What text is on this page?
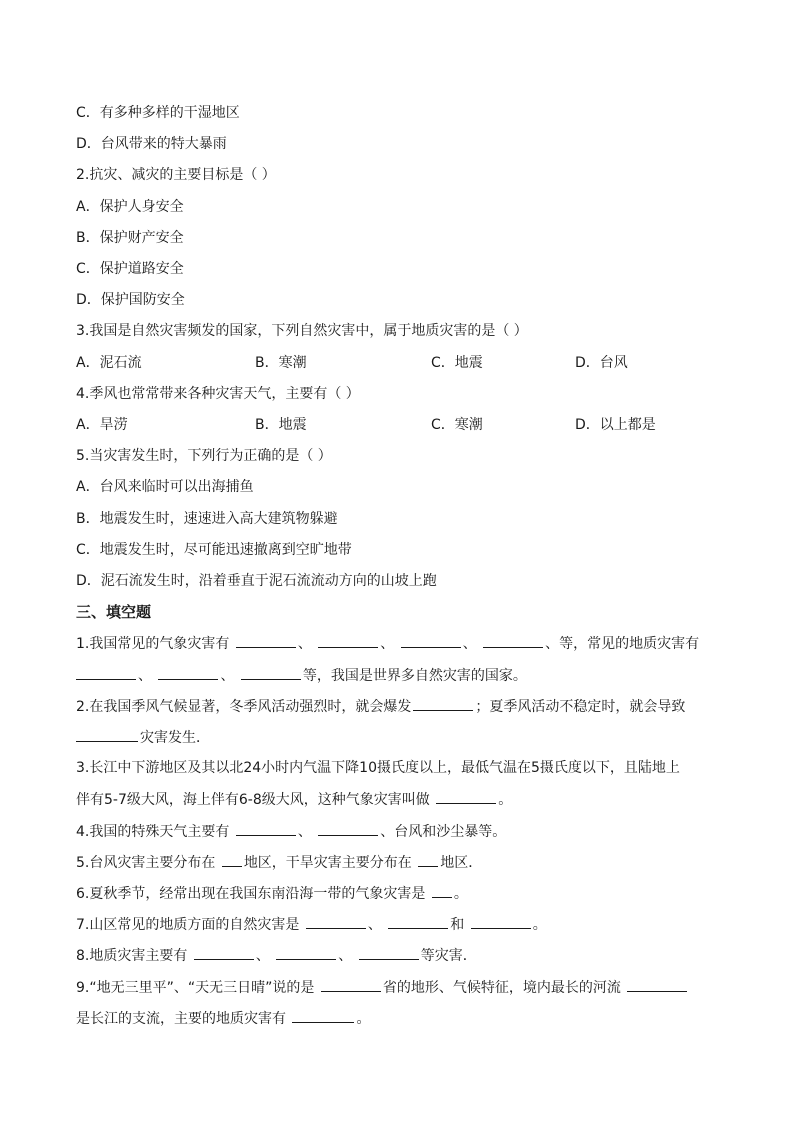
C．有多种多样的干湿地区
D．台风带来的特大暴雨
2.抗灾、减灾的主要目标是（ ）
A．保护人身安全
B．保护财产安全
C．保护道路安全
D．保护国防安全
3.我国是自然灾害频发的国家，下列自然灾害中，属于地质灾害的是（ ）
A．泥石流	B．寒潮	C．地震	D．台风
4.季风也常常带来各种灾害天气，主要有（ ）
A．旱涝	B．地震	C．寒潮	D．以上都是
5.当灾害发生时，下列行为正确的是（ ）
A．台风来临时可以出海捕鱼
B．地震发生时，速速进入高大建筑物躲避
C．地震发生时，尽可能迅速撤离到空旷地带
D．泥石流发生时，沿着垂直于泥石流流动方向的山坡上跑
三、填空题
1.我国常见的气象灾害有	、	、	、	、等，常见的地质灾害有
、	、	等，我国是世界多自然灾害的国家。
2.在我国季风气候显著，冬季风活动强烈时，就会爆发	；夏季风活动不稳定时，就会导致
灾害发生．
3.长江中下游地区及其以北24小时内气温下降10摄氏度以上，最低气温在5摄氏度以下，且陆地上
伴有5-7级大风，海上伴有6-8级大风，这种气象灾害叫做	。
4.我国的特殊天气主要有	、	、台风和沙尘暴等。
5.台风灾害主要分布在 地区，干旱灾害主要分布在 地区．
6.夏秋季节，经常出现在我国东南沿海一带的气象灾害是 。
7.山区常见的地质方面的自然灾害是	、	和	。
8.地质灾害主要有	、	、	等灾害．
9.“地无三里平”、“天无三日晴”说的是	省的地形、气候特征，境内最长的河流
是长江的支流，主要的地质灾害有	。
